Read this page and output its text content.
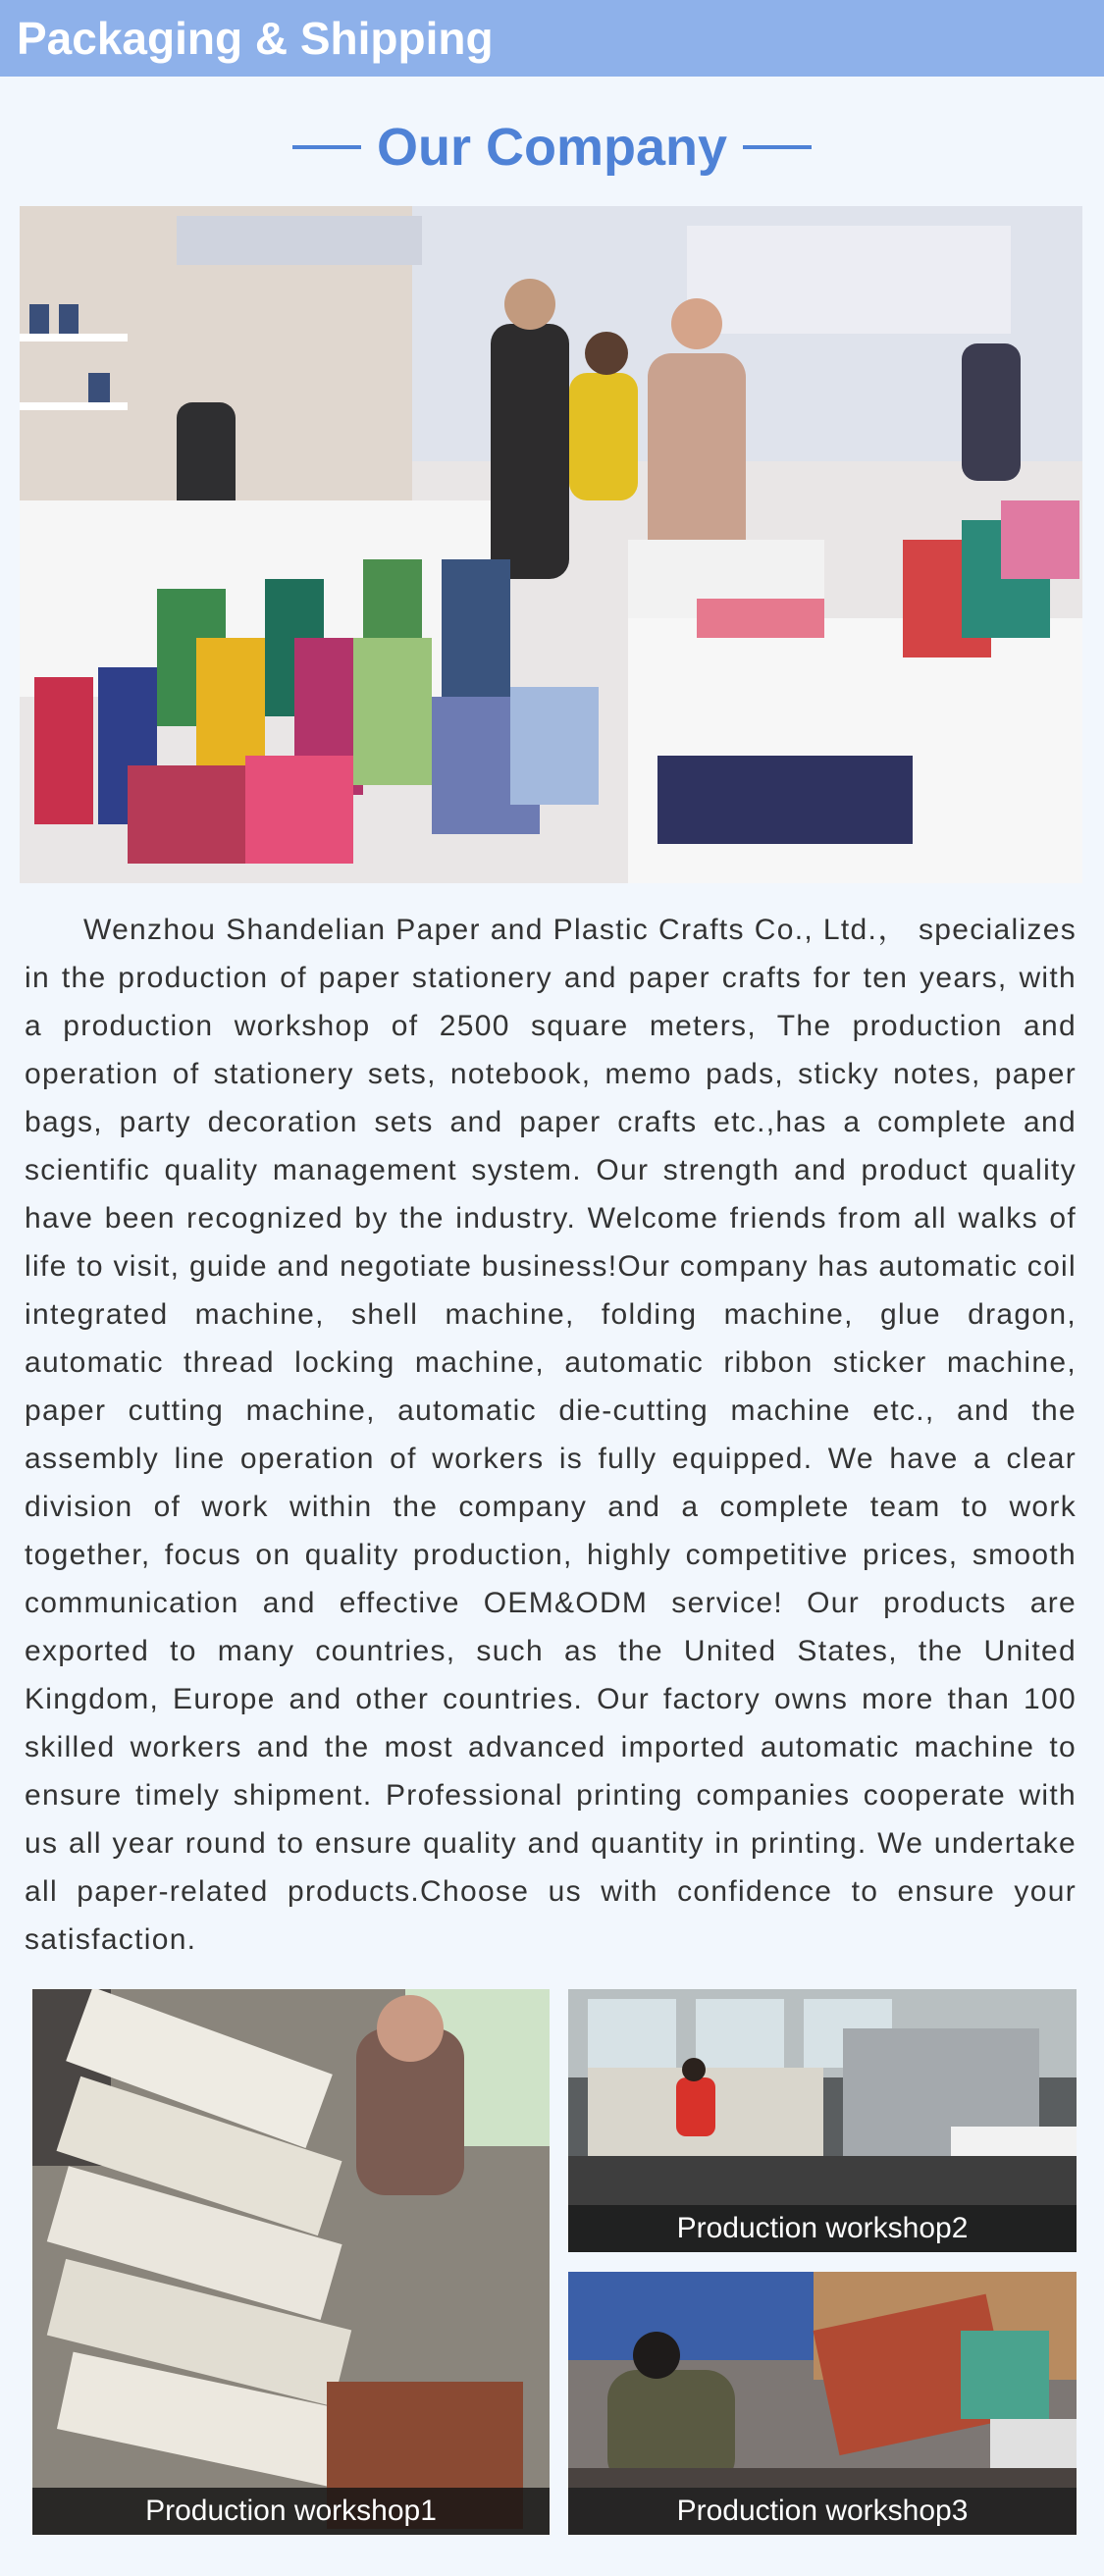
Packaging & Shipping
Our Company

Wenzhou Shandelian Paper and Plastic Crafts Co., Ltd.， specializes in the production of paper stationery and paper crafts for ten years, with a production workshop of 2500 square meters, The production and operation of stationery sets, notebook, memo pads, sticky notes, paper bags, party decoration sets and paper crafts etc.,has a complete and scientific quality management system. Our strength and product quality have been recognized by the industry. Welcome friends from all walks of life to visit, guide and negotiate business!Our company has automatic coil integrated machine, shell machine, folding machine, glue dragon, automatic thread locking machine, automatic ribbon sticker machine, paper cutting machine, automatic die-cutting machine etc., and the assembly line operation of workers is fully equipped. We have a clear division of work within the company and a complete team to work together, focus on quality production, highly competitive prices, smooth communication and effective OEM&ODM service! Our products are exported to many countries, such as the United States, the United Kingdom, Europe and other countries. Our factory owns more than 100 skilled workers and the most advanced imported automatic machine to ensure timely shipment. Professional printing companies cooperate with us all year round to ensure quality and quantity in printing. We undertake all paper-related products.Choose us with confidence to ensure your satisfaction.

Production workshop1
Production workshop2
Production workshop3
